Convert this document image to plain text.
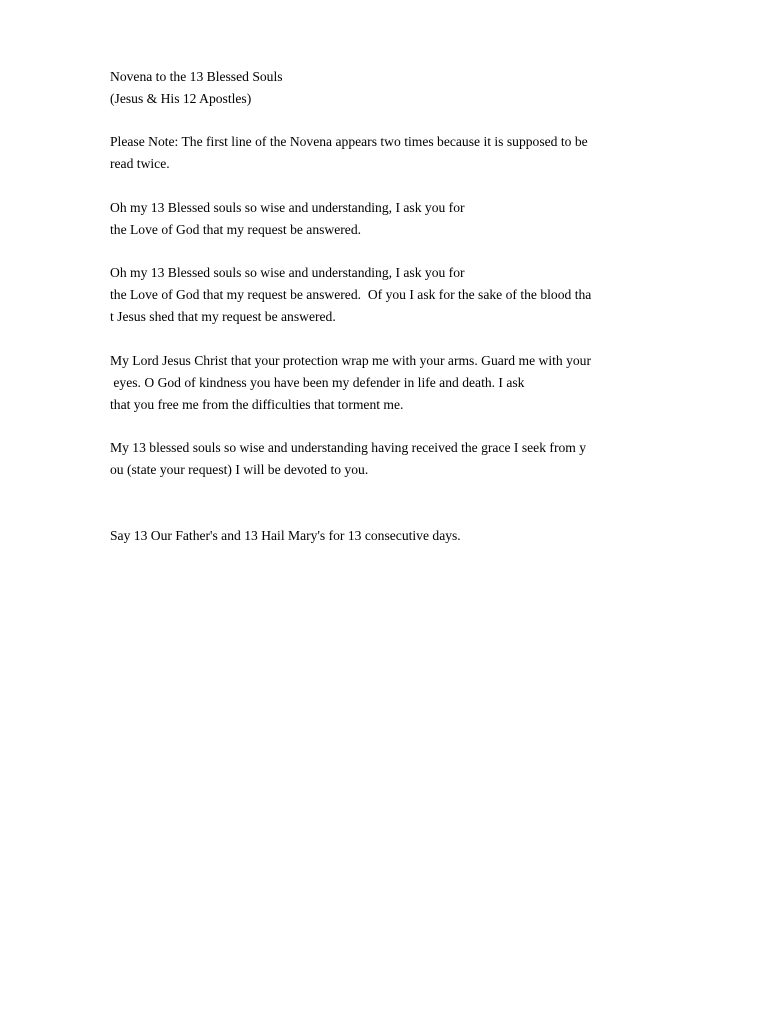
Novena to the 13 Blessed Souls

(Jesus & His 12 Apostles)

Please Note: The first line of the Novena appears two times because it is supposed to be

read twice.

Oh my 13 Blessed souls so wise and understanding, I ask you for

the Love of God that my request be answered.

Oh my 13 Blessed souls so wise and understanding, I ask you for

the Love of God that my request be answered.  Of you I ask for the sake of the blood tha

t Jesus shed that my request be answered.

My Lord Jesus Christ that your protection wrap me with your arms. Guard me with your

eyes. O God of kindness you have been my defender in life and death. I ask

that you free me from the difficulties that torment me.

My 13 blessed souls so wise and understanding having received the grace I seek from y

ou (state your request) I will be devoted to you.

Say 13 Our Father's and 13 Hail Mary's for 13 consecutive days.
